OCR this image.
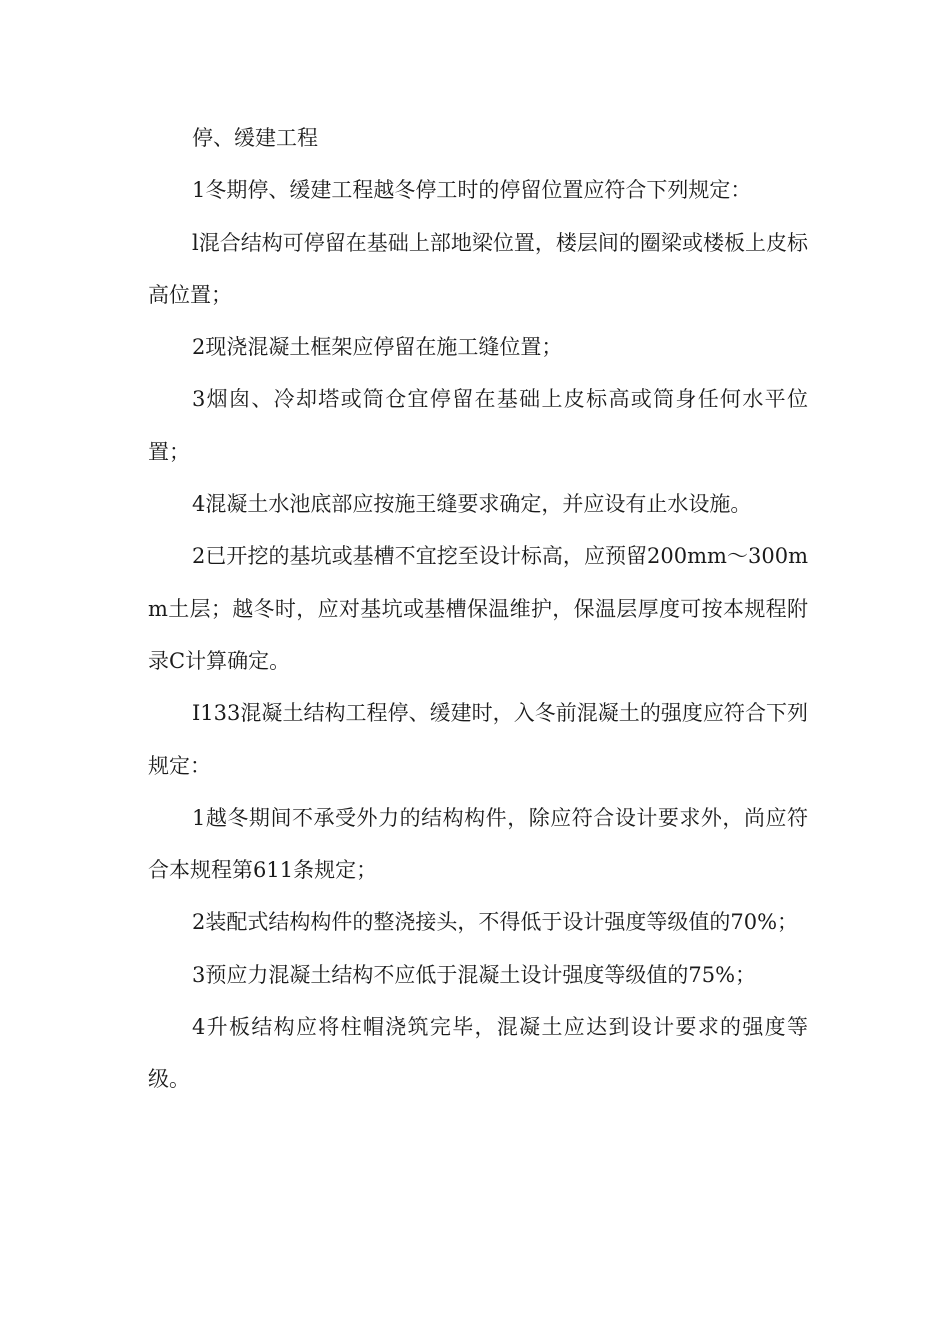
停、缓建工程

1冬期停、缓建工程越冬停工时的停留位置应符合下列规定：

l混合结构可停留在基础上部地梁位置，楼层间的圈梁或楼板上皮标高位置；

2现浇混凝土框架应停留在施工缝位置；

3烟囱、冷却塔或筒仓宜停留在基础上皮标高或筒身任何水平位置；

4混凝土水池底部应按施王缝要求确定，并应设有止水设施。

2已开挖的基坑或基槽不宜挖至设计标高，应预留200mm～300mm土层；越冬时，应对基坑或基槽保温维护，保温层厚度可按本规程附录C计算确定。

I133混凝土结构工程停、缓建时，入冬前混凝土的强度应符合下列规定：

1越冬期间不承受外力的结构构件，除应符合设计要求外，尚应符合本规程第611条规定；

2装配式结构构件的整浇接头，不得低于设计强度等级值的70%；

3预应力混凝土结构不应低于混凝土设计强度等级值的75%；

4升板结构应将柱帽浇筑完毕，混凝土应达到设计要求的强度等级。
